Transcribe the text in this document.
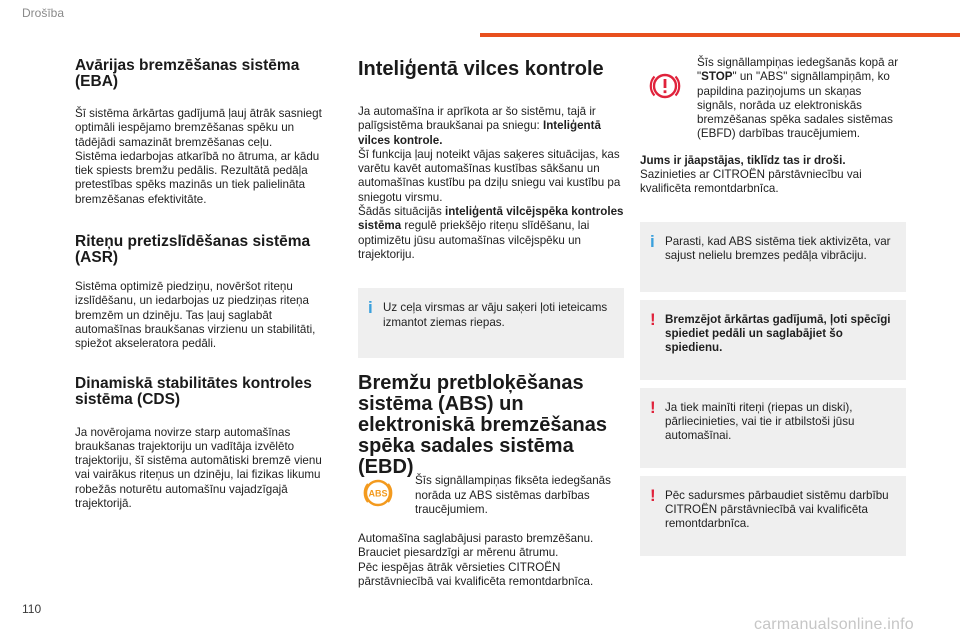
Drošība
Avārijas bremzēšanas sistēma (EBA)

Šī sistēma ārkārtas gadījumā ļauj ātrāk sasniegt optimāli iespējamo bremzēšanas spēku un tādējādi samazināt bremzēšanas ceļu.

Sistēma iedarbojas atkarībā no ātruma, ar kādu tiek spiests bremžu pedālis. Rezultātā pedāļa pretestības spēks mazinās un tiek palielināta bremzēšanas efektivitāte.

Riteņu pretizslīdēšanas sistēma (ASR)

Sistēma optimizē piedziņu, novēršot riteņu izslīdēšanu, un iedarbojas uz piedziņas riteņa bremzēm un dzinēju. Tas ļauj saglabāt automašīnas braukšanas virzienu un stabilitāti, spiežot akseleratora pedāli.

Dinamiskā stabilitātes kontroles sistēma (CDS)

Ja novērojama novirze starp automašīnas braukšanas trajektoriju un vadītāja izvēlēto trajektoriju, šī sistēma automātiski bremzē vienu vai vairākus riteņus un dzinēju, lai fizikas likumu robežās noturētu automašīnu vajadzīgajā trajektorijā.

Inteliģentā vilces kontrole

Ja automašīna ir aprīkota ar šo sistēmu, tajā ir palīgsistēma braukšanai pa sniegu: Inteliģentā vilces kontrole.

Šī funkcija ļauj noteikt vājas saķeres situācijas, kas varētu kavēt automašīnas kustības sākšanu un automašīnas kustību pa dziļu sniegu vai kustību pa sniegotu virsmu.

Šādās situācijās inteliģentā vilcējspēka kontroles sistēma regulē priekšējo riteņu slīdēšanu, lai optimizētu jūsu automašīnas vilcējspēku un trajektoriju.

i Uz ceļa virsmas ar vāju saķeri ļoti ieteicams izmantot ziemas riepas.

Bremžu pretbloķēšanas sistēma (ABS) un elektroniskā bremzēšanas spēka sadales sistēma (EBD)
ABS

Šīs signāllampiņas fiksēta iedegšanās norāda uz ABS sistēmas darbības traucējumiem.

Automašīna saglabājusi parasto bremzēšanu. Brauciet piesardzīgi ar mērenu ātrumu.

Pēc iespējas ātrāk vērsieties CITROËN pārstāvniecībā vai kvalificēta remontdarbnīca.

Šīs signāllampiņas iedegšanās kopā ar "STOP" un "ABS" signāllampiņām, ko papildina paziņojums un skaņas signāls, norāda uz elektroniskās bremzēšanas spēka sadales sistēmas (EBFD) darbības traucējumiem.

Jums ir jāapstājas, tiklīdz tas ir droši.

Sazinieties ar CITROËN pārstāvniecību vai kvalificēta remontdarbnīca.

i Parasti, kad ABS sistēma tiek aktivizēta, var sajust nelielu bremzes pedāļa vibrāciju.

! Bremzējot ārkārtas gadījumā, ļoti spēcīgi spiediet pedāli un saglabājiet šo spiedienu.

! Ja tiek mainīti riteņi (riepas un diski), pārliecinieties, vai tie ir atbilstoši jūsu automašīnai.

! Pēc sadursmes pārbaudiet sistēmu darbību CITROËN pārstāvniecībā vai kvalificēta remontdarbnīca.

110
carmanualsonline.info
